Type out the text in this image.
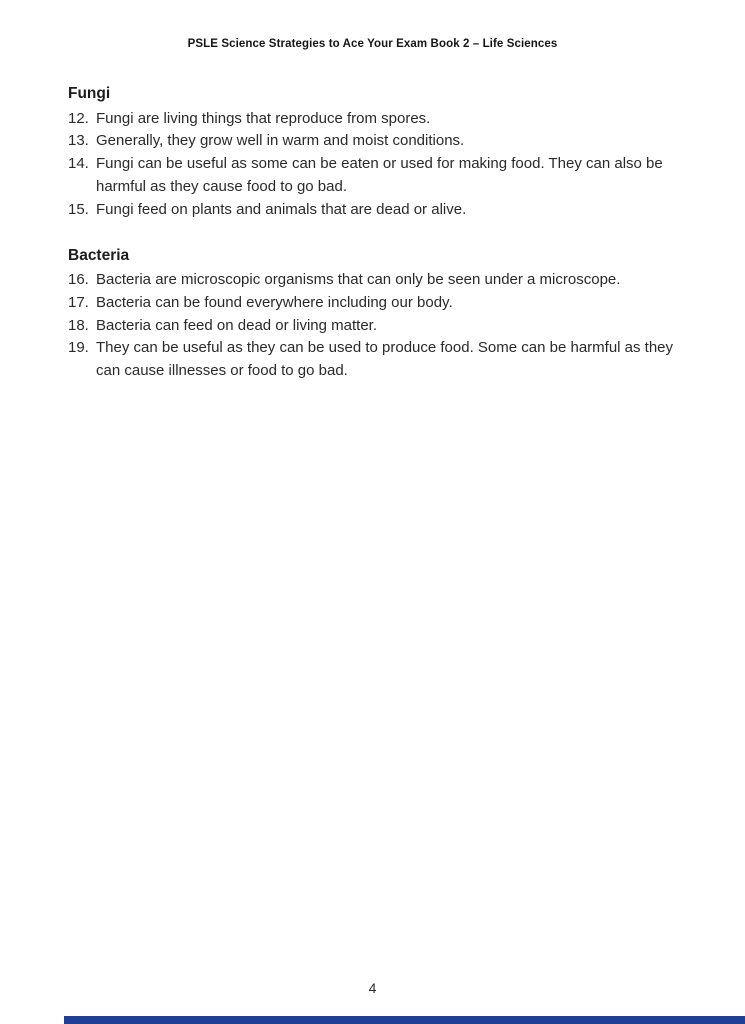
PSLE Science Strategies to Ace Your Exam Book 2 – Life Sciences
Fungi
12. Fungi are living things that reproduce from spores.
13. Generally, they grow well in warm and moist conditions.
14. Fungi can be useful as some can be eaten or used for making food. They can also be harmful as they cause food to go bad.
15. Fungi feed on plants and animals that are dead or alive.
Bacteria
16. Bacteria are microscopic organisms that can only be seen under a microscope.
17. Bacteria can be found everywhere including our body.
18. Bacteria can feed on dead or living matter.
19. They can be useful as they can be used to produce food. Some can be harmful as they can cause illnesses or food to go bad.
4
